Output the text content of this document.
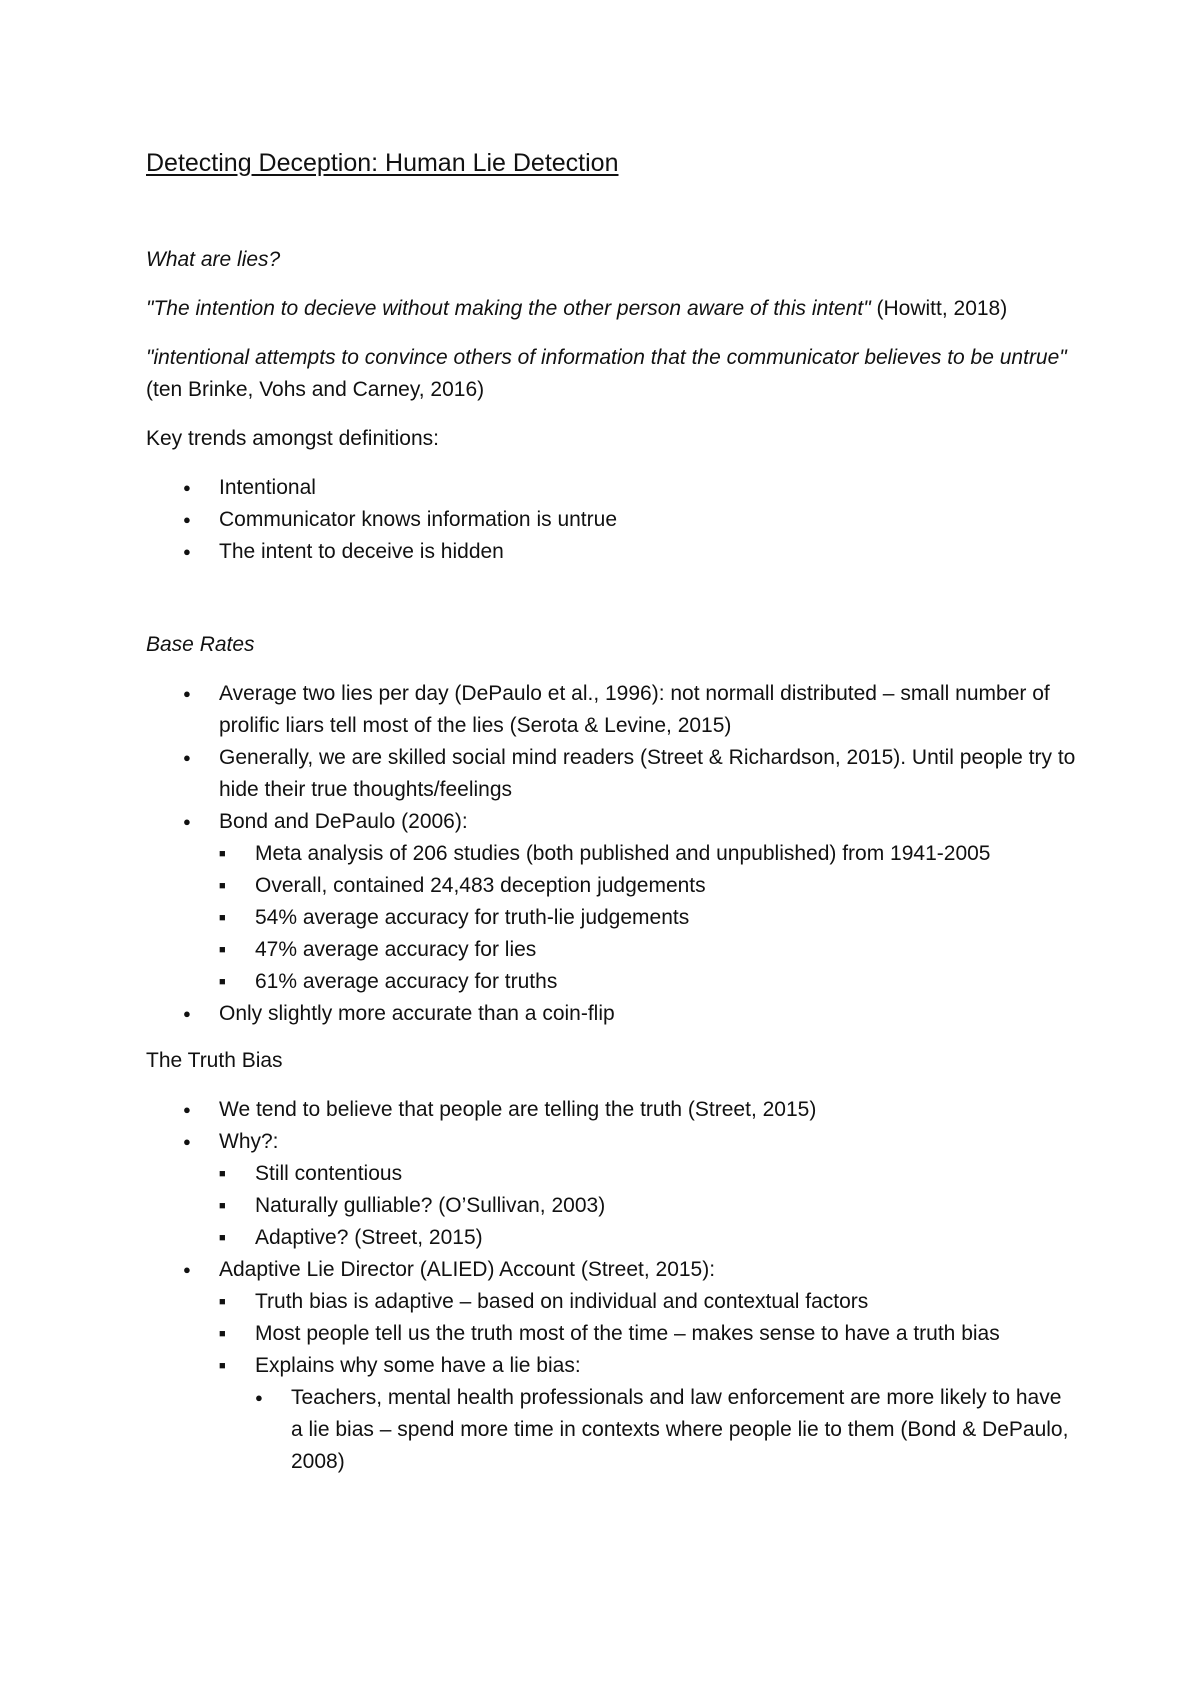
Detecting Deception: Human Lie Detection
What are lies?
"The intention to decieve without making the other person aware of this intent" (Howitt, 2018)
"intentional attempts to convince others of information that the communicator believes to be untrue" (ten Brinke, Vohs and Carney, 2016)
Key trends amongst definitions:
● Intentional
● Communicator knows information is untrue
● The intent to deceive is hidden
Base Rates
● Average two lies per day (DePaulo et al., 1996): not normall distributed – small number of prolific liars tell most of the lies (Serota & Levine, 2015)
● Generally, we are skilled social mind readers (Street & Richardson, 2015). Until people try to hide their true thoughts/feelings
● Bond and DePaulo (2006):
■ Meta analysis of 206 studies (both published and unpublished) from 1941-2005
■ Overall, contained 24,483 deception judgements
■ 54% average accuracy for truth-lie judgements
■ 47% average accuracy for lies
■ 61% average accuracy for truths
● Only slightly more accurate than a coin-flip
The Truth Bias
● We tend to believe that people are telling the truth (Street, 2015)
● Why?:
■ Still contentious
■ Naturally gulliable? (O’Sullivan, 2003)
■ Adaptive? (Street, 2015)
● Adaptive Lie Director (ALIED) Account (Street, 2015):
■ Truth bias is adaptive – based on individual and contextual factors
■ Most people tell us the truth most of the time – makes sense to have a truth bias
■ Explains why some have a lie bias:
● Teachers, mental health professionals and law enforcement are more likely to have a lie bias – spend more time in contexts where people lie to them (Bond & DePaulo, 2008)
